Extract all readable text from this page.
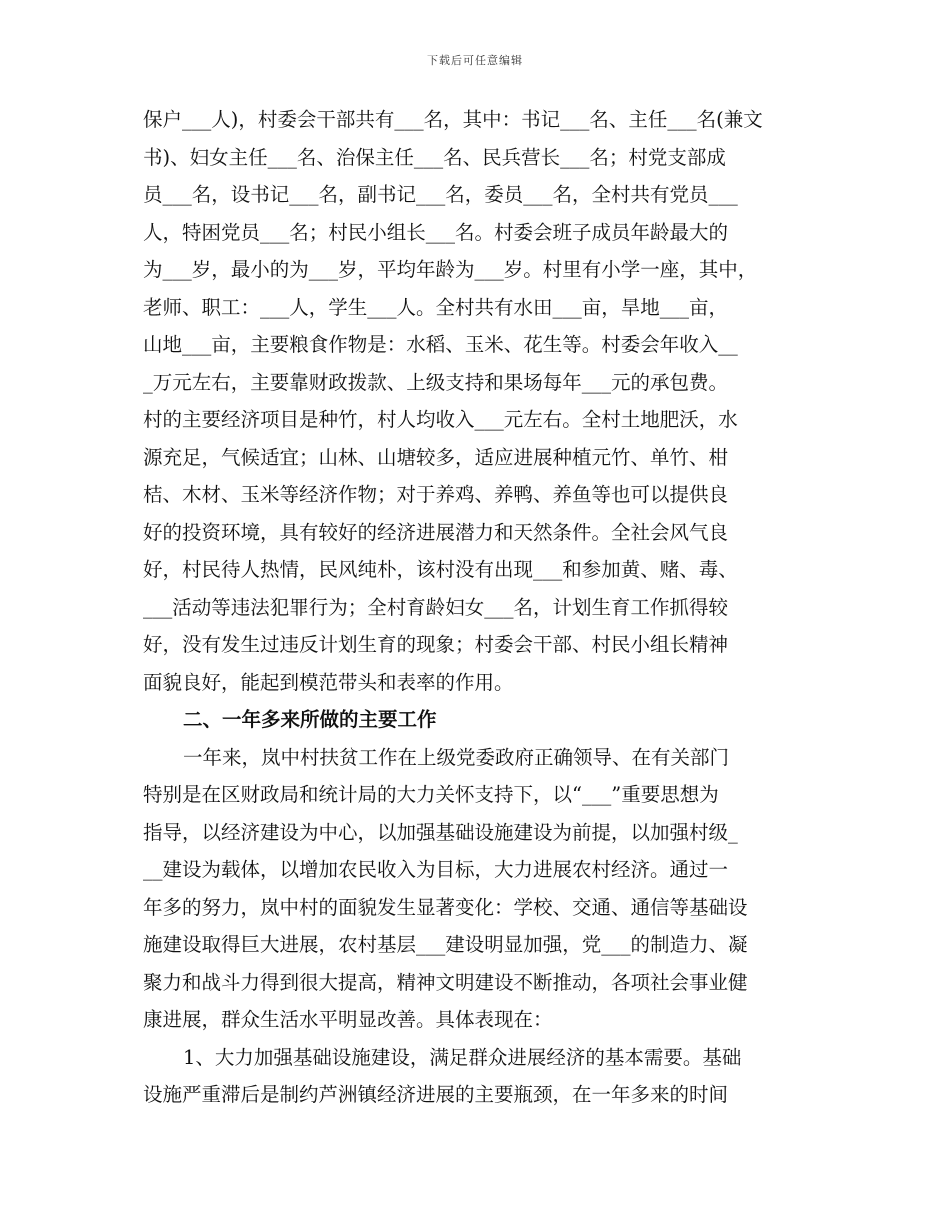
下载后可任意编辑
保户___人)，村委会干部共有___名，其中：书记___名、主任___名(兼文
书)、妇女主任___名、治保主任___名、民兵营长___名；村党支部成
员___名，设书记___名，副书记___名，委员___名，全村共有党员___
人，特困党员___名；村民小组长___名。村委会班子成员年龄最大的
为___岁，最小的为___岁，平均年龄为___岁。村里有小学一座，其中，
老师、职工：___人，学生___人。全村共有水田___亩，旱地___亩，
山地___亩，主要粮食作物是：水稻、玉米、花生等。村委会年收入__
_万元左右，主要靠财政拨款、上级支持和果场每年___元的承包费。
村的主要经济项目是种竹，村人均收入___元左右。全村土地肥沃，水
源充足，气候适宜；山林、山塘较多，适应进展种植元竹、单竹、柑
桔、木材、玉米等经济作物；对于养鸡、养鸭、养鱼等也可以提供良
好的投资环境，具有较好的经济进展潜力和天然条件。全社会风气良
好，村民待人热情，民风纯朴，该村没有出现___和参加黄、赌、毒、
___活动等违法犯罪行为；全村育龄妇女___名，计划生育工作抓得较
好，没有发生过违反计划生育的现象；村委会干部、村民小组长精神
面貌良好，能起到模范带头和表率的作用。
二、一年多来所做的主要工作
一年来，岚中村扶贫工作在上级党委政府正确领导、在有关部门
特别是在区财政局和统计局的大力关怀支持下，以“___”重要思想为
指导，以经济建设为中心，以加强基础设施建设为前提，以加强村级_
__建设为载体，以增加农民收入为目标，大力进展农村经济。通过一
年多的努力，岚中村的面貌发生显著变化：学校、交通、通信等基础设
施建设取得巨大进展，农村基层___建设明显加强，党___的制造力、凝
聚力和战斗力得到很大提高，精神文明建设不断推动，各项社会事业健
康进展，群众生活水平明显改善。具体表现在：
1、大力加强基础设施建设，满足群众进展经济的基本需要。基础
设施严重滞后是制约芦洲镇经济进展的主要瓶颈，在一年多来的时间
